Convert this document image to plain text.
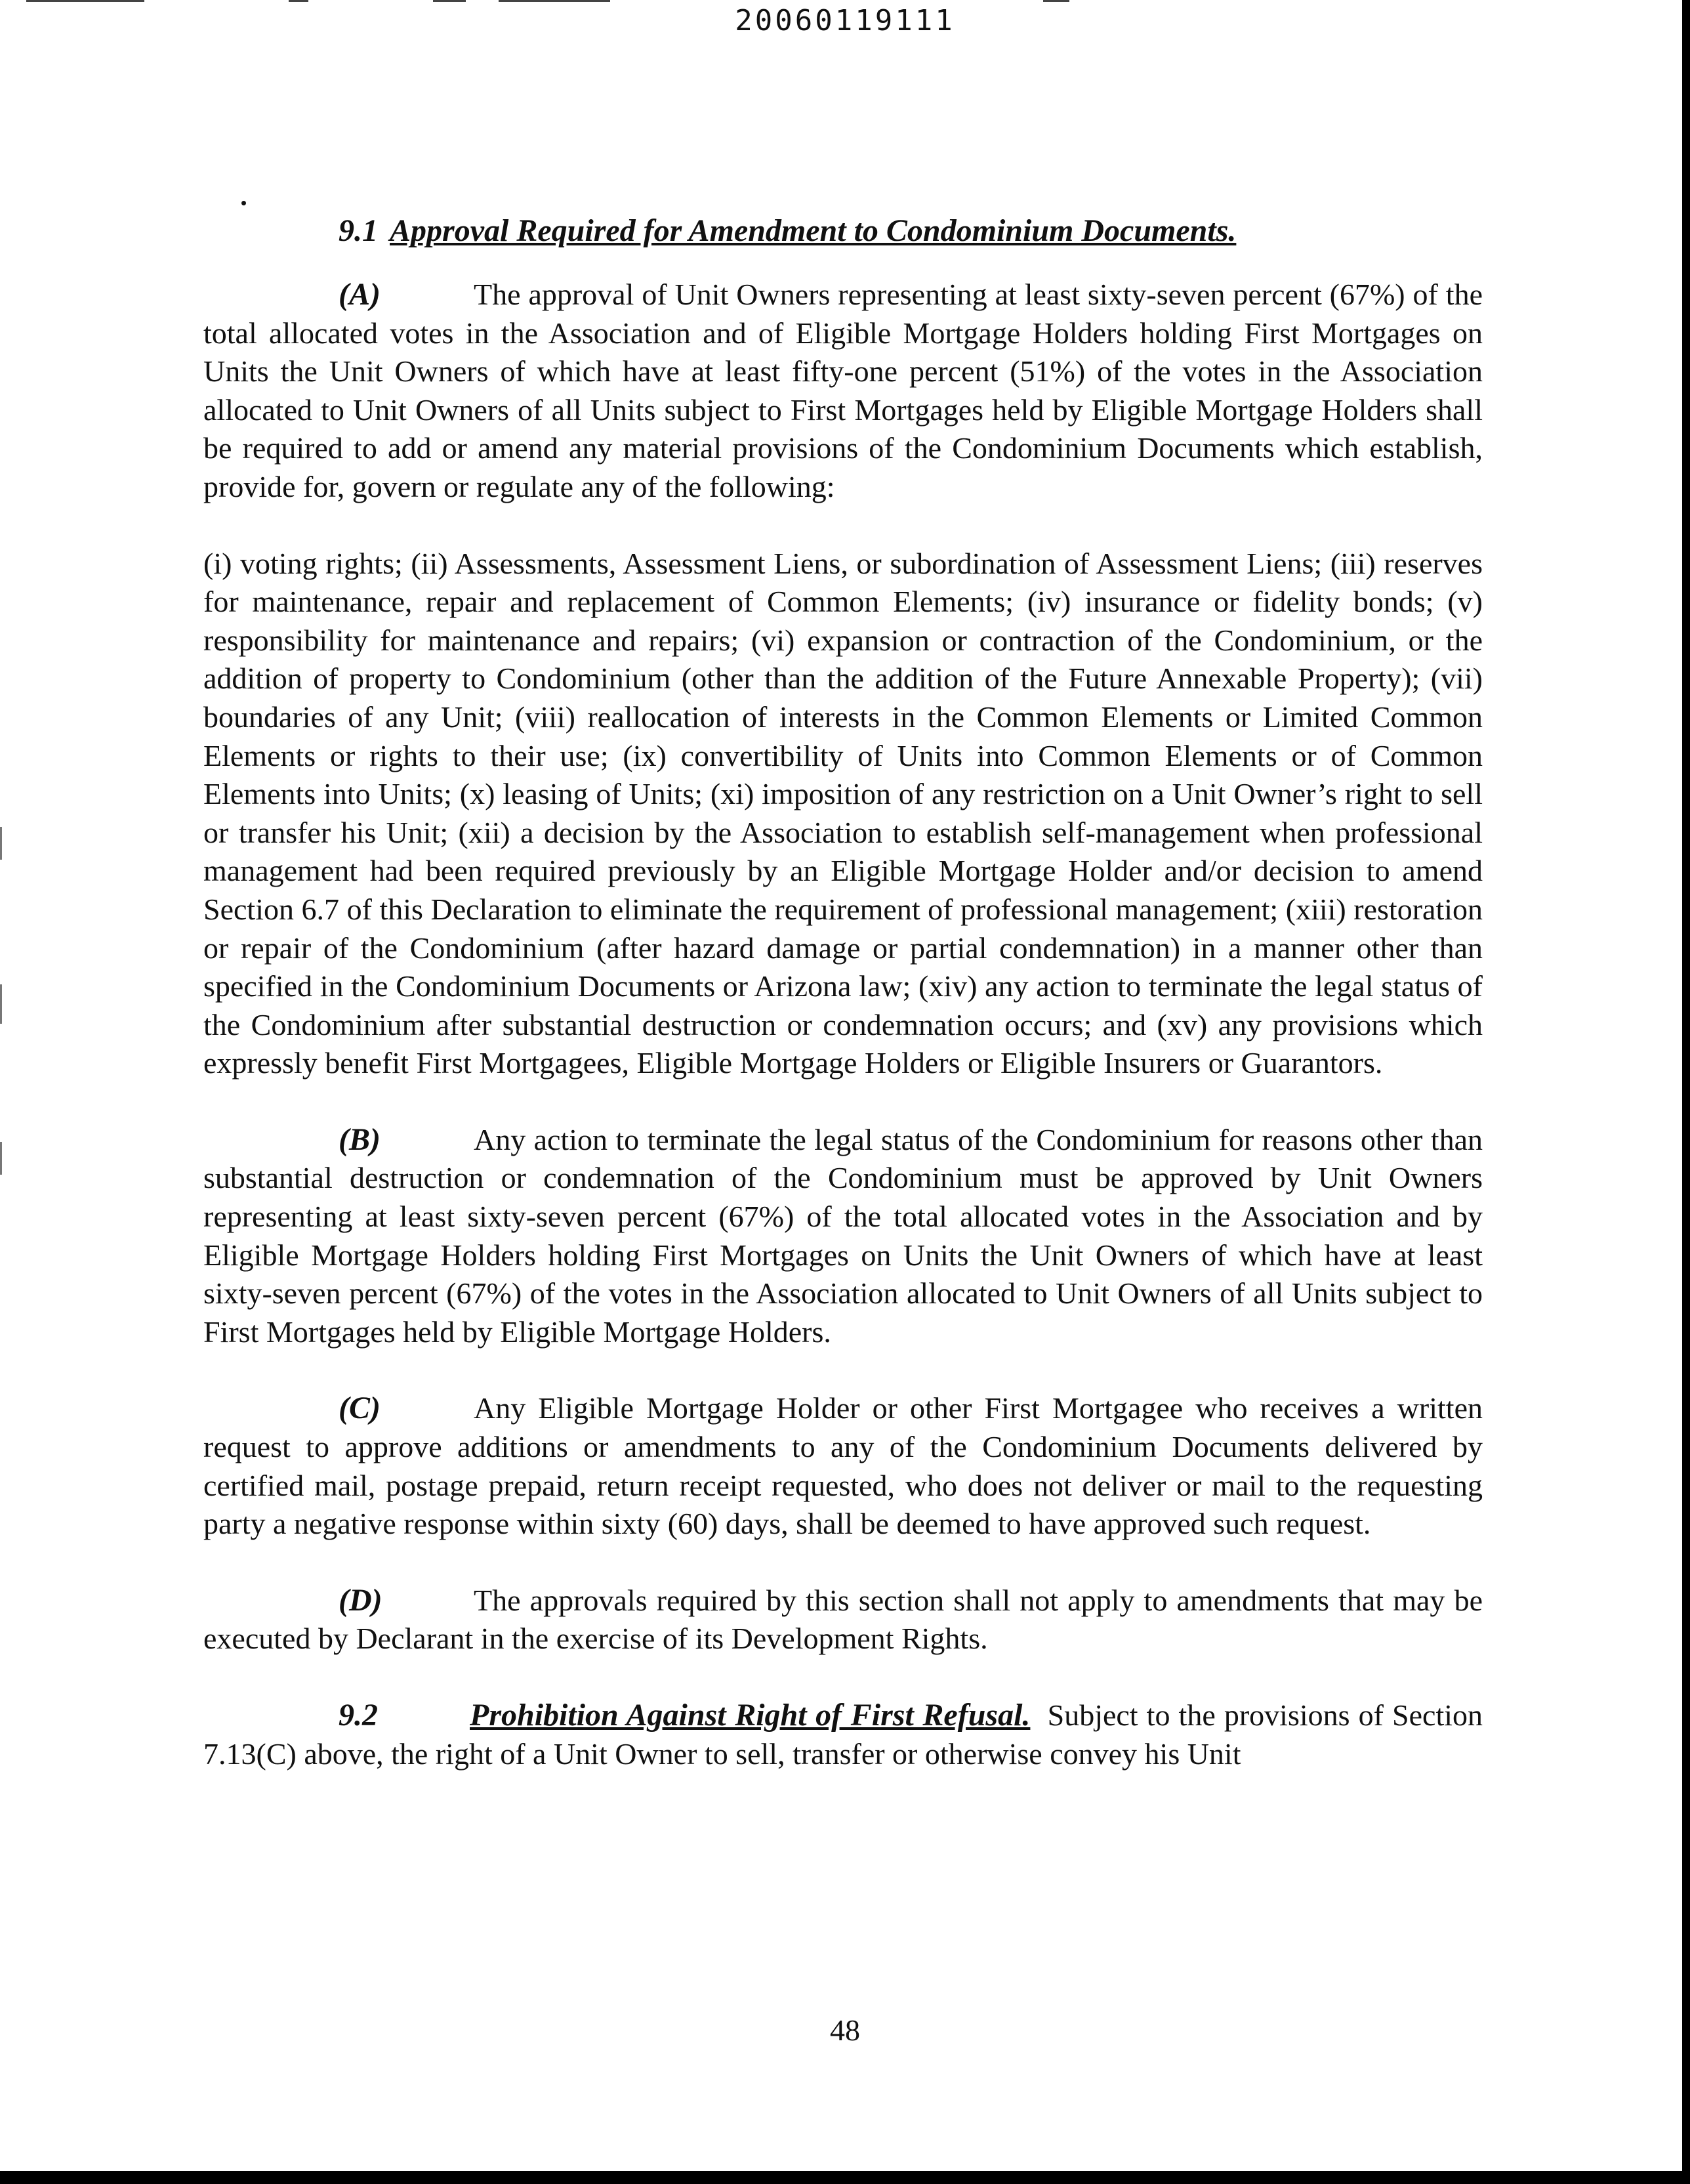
20060119111
9.1 Approval Required for Amendment to Condominium Documents.

(A)	The approval of Unit Owners representing at least sixty-seven percent (67%) of the total allocated votes in the Association and of Eligible Mortgage Holders holding First Mortgages on Units the Unit Owners of which have at least fifty-one percent (51%) of the votes in the Association allocated to Unit Owners of all Units subject to First Mortgages held by Eligible Mortgage Holders shall be required to add or amend any material provisions of the Condominium Documents which establish, provide for, govern or regulate any of the following:

(i) voting rights; (ii) Assessments, Assessment Liens, or subordination of Assessment Liens; (iii) reserves for maintenance, repair and replacement of Common Elements; (iv) insurance or fidelity bonds; (v) responsibility for maintenance and repairs; (vi) expansion or contraction of the Condominium, or the addition of property to Condominium (other than the addition of the Future Annexable Property); (vii) boundaries of any Unit; (viii) reallocation of interests in the Common Elements or Limited Common Elements or rights to their use; (ix) convertibility of Units into Common Elements or of Common Elements into Units; (x) leasing of Units; (xi) imposition of any restriction on a Unit Owner’s right to sell or transfer his Unit; (xii) a decision by the Association to establish self-management when professional management had been required previously by an Eligible Mortgage Holder and/or decision to amend Section 6.7 of this Declaration to eliminate the requirement of professional management; (xiii) restoration or repair of the Condominium (after hazard damage or partial condemnation) in a manner other than specified in the Condominium Documents or Arizona law; (xiv) any action to terminate the legal status of the Condominium after substantial destruction or condemnation occurs; and (xv) any provisions which expressly benefit First Mortgagees, Eligible Mortgage Holders or Eligible Insurers or Guarantors.

(B)	Any action to terminate the legal status of the Condominium for reasons other than substantial destruction or condemnation of the Condominium must be approved by Unit Owners representing at least sixty-seven percent (67%) of the total allocated votes in the Association and by Eligible Mortgage Holders holding First Mortgages on Units the Unit Owners of which have at least sixty-seven percent (67%) of the votes in the Association allocated to Unit Owners of all Units subject to First Mortgages held by Eligible Mortgage Holders.

(C)	Any Eligible Mortgage Holder or other First Mortgagee who receives a written request to approve additions or amendments to any of the Condominium Documents delivered by certified mail, postage prepaid, return receipt requested, who does not deliver or mail to the requesting party a negative response within sixty (60) days, shall be deemed to have approved such request.

(D)	The approvals required by this section shall not apply to amendments that may be executed by Declarant in the exercise of its Development Rights.

9.2	Prohibition Against Right of First Refusal. Subject to the provisions of Section 7.13(C) above, the right of a Unit Owner to sell, transfer or otherwise convey his Unit

48
